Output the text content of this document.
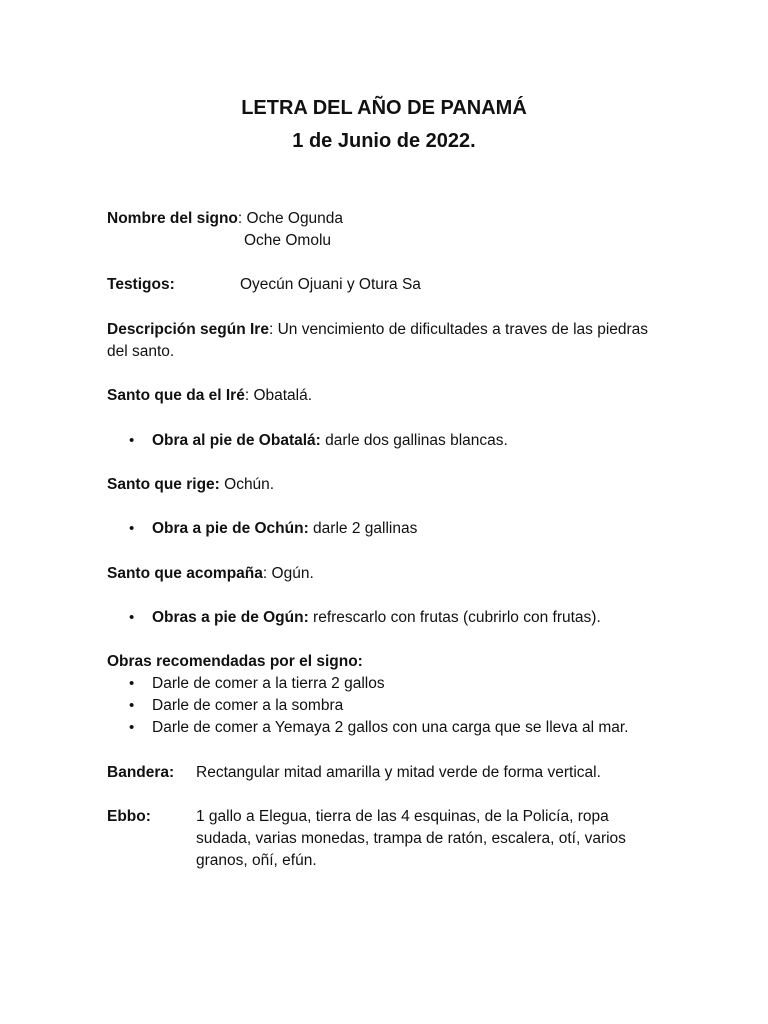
LETRA DEL AÑO DE PANAMÁ
1 de Junio de 2022.
Nombre del signo: Oche Ogunda
Oche Omolu
Testigos:	Oyecún Ojuani y Otura Sa
Descripción según Ire: Un vencimiento de dificultades a traves de las piedras
del santo.
Santo que da el Iré: Obatalá.
• Obra al pie de Obatalá: darle dos gallinas blancas.
Santo que rige: Ochún.
• Obra a pie de Ochún: darle 2 gallinas
Santo que acompaña: Ogún.
• Obras a pie de Ogún: refrescarlo con frutas (cubrirlo con frutas).
Obras recomendadas por el signo:
• Darle de comer a la tierra 2 gallos
• Darle de comer a la sombra
• Darle de comer a Yemaya 2 gallos con una carga que se lleva al mar.
Bandera: Rectangular mitad amarilla y mitad verde de forma vertical.
Ebbo:	1 gallo a Elegua, tierra de las 4 esquinas, de la Policía, ropa
sudada, varias monedas, trampa de ratón, escalera, otí, varios
granos, oñí, efún.
